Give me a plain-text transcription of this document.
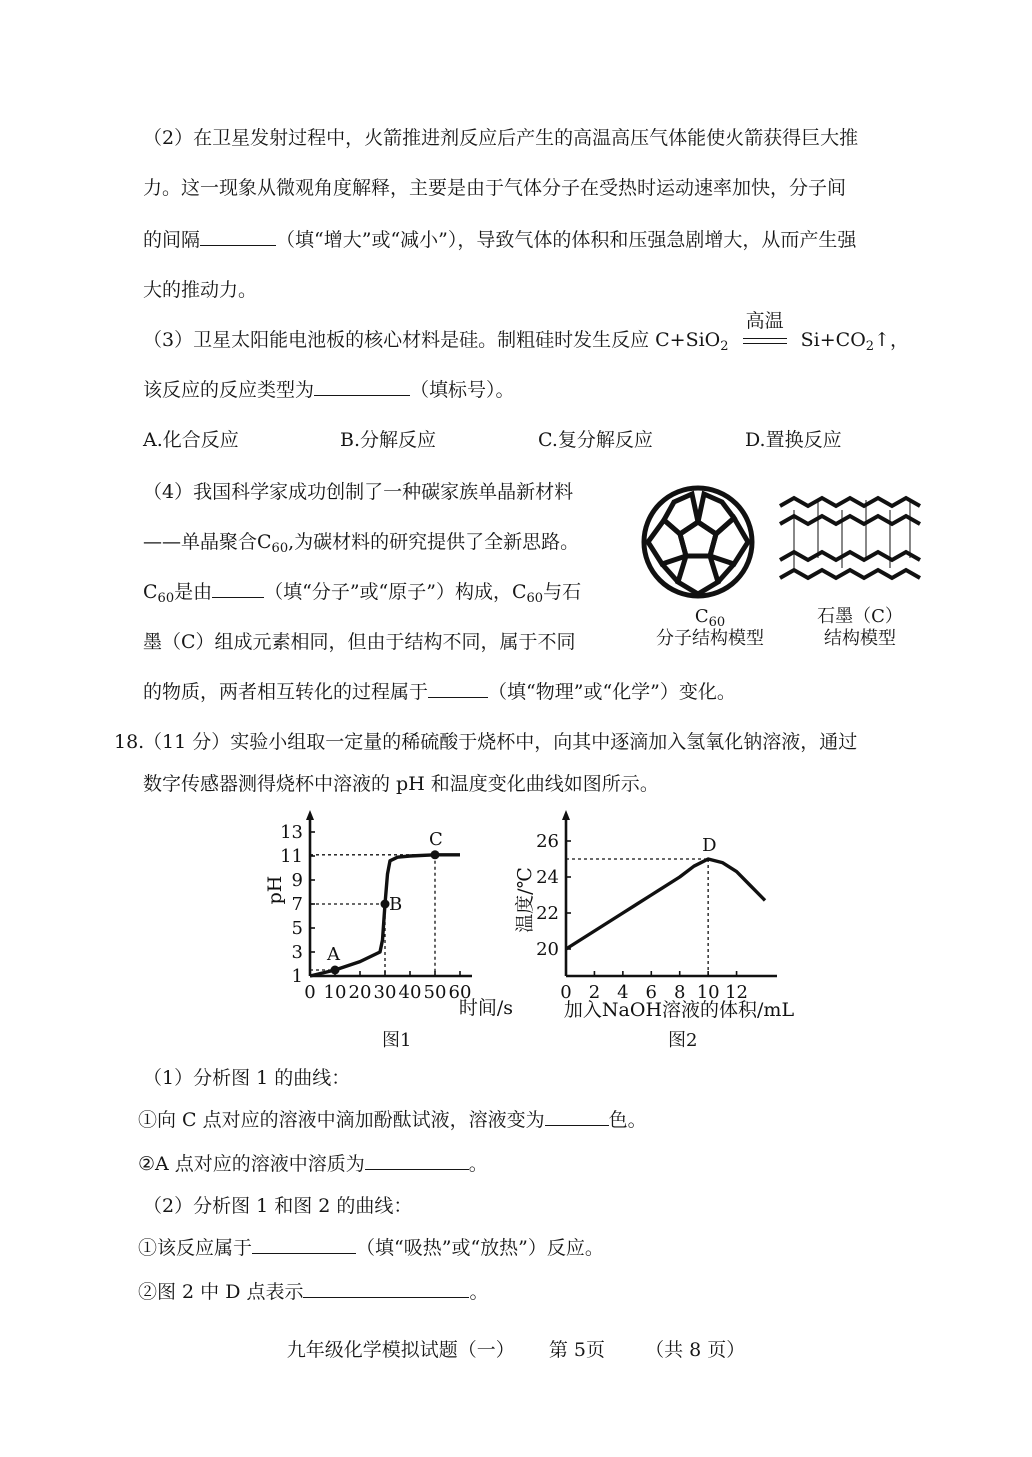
（2）在卫星发射过程中，火箭推进剂反应后产生的高温高压气体能使火箭获得巨大推
力。这一现象从微观角度解释，主要是由于气体分子在受热时运动速率加快，分子间
的间隔	（填“增大”或“减小”），导致气体的体积和压强急剧增大，从而产生强
大的推动力。
（3）卫星太阳能电池板的核心材料是硅。制粗硅时发生反应 C+SiO$_2$
高温
$Si+CO_2↑$，
该反应的反应类型为	（填标号）。
A.化合反应	B.分解反应	C.复分解反应	D.置换反应
（4）我国科学家成功创制了一种碳家族单晶新材料
——单晶聚合$C_{60}$,为碳材料的研究提供了全新思路。
$C_{60}$是由	（填“分子”或“原子”）构成，$C_{60}$与石
墨（C）组成元素相同，但由于结构不同，属于不同
的物质，两者相互转化的过程属于	（填“物理”或“化学”）变化。
$C_{60}$
分子结构模型
石墨（C）
结构模型
18.
（11 分）实验小组取一定量的稀硫酸于烧杯中，向其中逐滴加入氢氧化钠溶液，通过
数字传感器测得烧杯中溶液的 pH 和温度变化曲线如图所示。
0 10 20 30 40 50 60
1
3
5
7
9
11
13
A
B
C
时间/s
pH
0 2 4 6 8 10 12
20
22
24
26	D
加入NaOH溶液的体积/mL
温度/℃
图1	图2
（1）分析图 1 的曲线：
①向 C 点对应的溶液中滴加酚酞试液，溶液变为	色。
②A 点对应的溶液中溶质为	。
（2）分析图 1 和图 2 的曲线：
①该反应属于	（填“吸热”或“放热”）反应。
②图 2 中 D 点表示	。
九年级化学模拟试题（一） 第 5页 （共 8 页）
